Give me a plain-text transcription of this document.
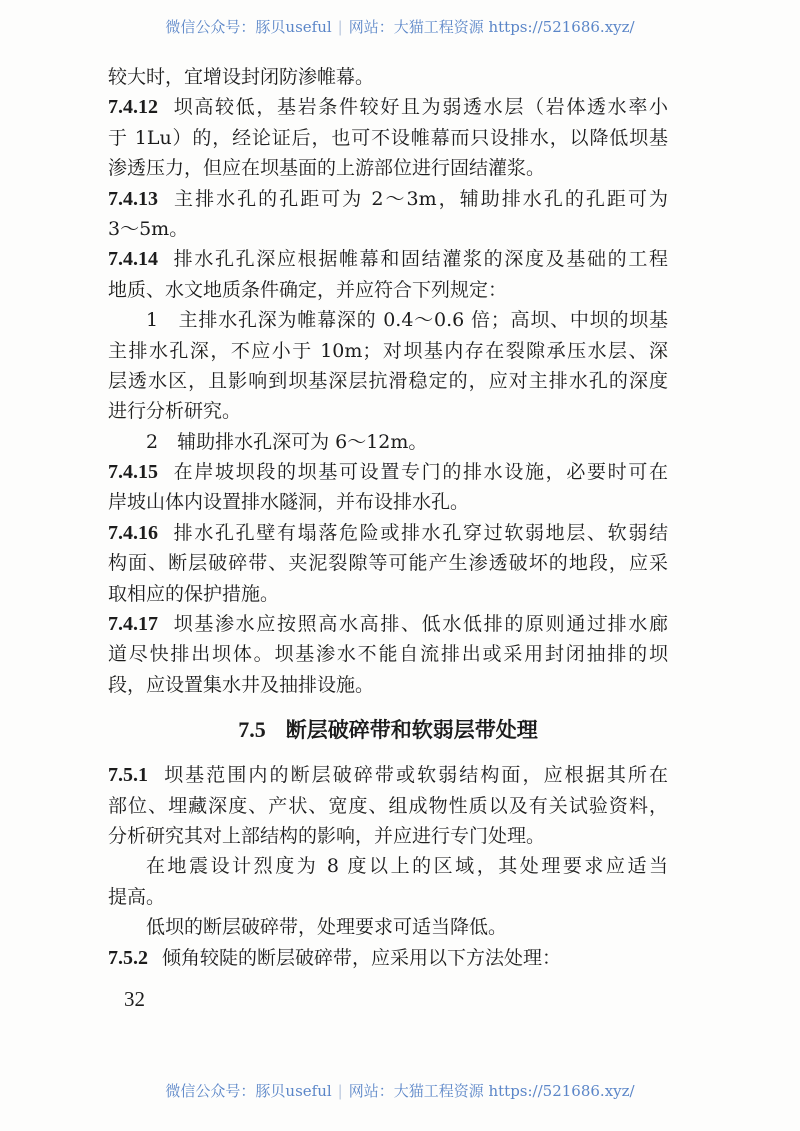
微信公众号：豚贝useful | 网站：大猫工程资源 https://521686.xyz/
较大时，宜增设封闭防渗帷幕。
7.4.12 坝高较低，基岩条件较好且为弱透水层（岩体透水率小
于 1Lu）的，经论证后，也可不设帷幕而只设排水，以降低坝基
渗透压力，但应在坝基面的上游部位进行固结灌浆。
7.4.13 主排水孔的孔距可为 2～3m，辅助排水孔的孔距可为
3～5m。
7.4.14 排水孔孔深应根据帷幕和固结灌浆的深度及基础的工程
地质、水文地质条件确定，并应符合下列规定：
1　主排水孔深为帷幕深的 0.4～0.6 倍；高坝、中坝的坝基
主排水孔深，不应小于 10m；对坝基内存在裂隙承压水层、深
层透水区，且影响到坝基深层抗滑稳定的，应对主排水孔的深度
进行分析研究。
2　辅助排水孔深可为 6～12m。
7.4.15 在岸坡坝段的坝基可设置专门的排水设施，必要时可在
岸坡山体内设置排水隧洞，并布设排水孔。
7.4.16 排水孔孔壁有塌落危险或排水孔穿过软弱地层、软弱结
构面、断层破碎带、夹泥裂隙等可能产生渗透破坏的地段，应采
取相应的保护措施。
7.4.17 坝基渗水应按照高水高排、低水低排的原则通过排水廊
道尽快排出坝体。坝基渗水不能自流排出或采用封闭抽排的坝
段，应设置集水井及抽排设施。
7.5 断层破碎带和软弱层带处理
7.5.1 坝基范围内的断层破碎带或软弱结构面，应根据其所在
部位、埋藏深度、产状、宽度、组成物性质以及有关试验资料，
分析研究其对上部结构的影响，并应进行专门处理。
在地震设计烈度为 8 度以上的区域，其处理要求应适当
提高。
低坝的断层破碎带，处理要求可适当降低。
7.5.2 倾角较陡的断层破碎带，应采用以下方法处理：
32
微信公众号：豚贝useful | 网站：大猫工程资源 https://521686.xyz/
